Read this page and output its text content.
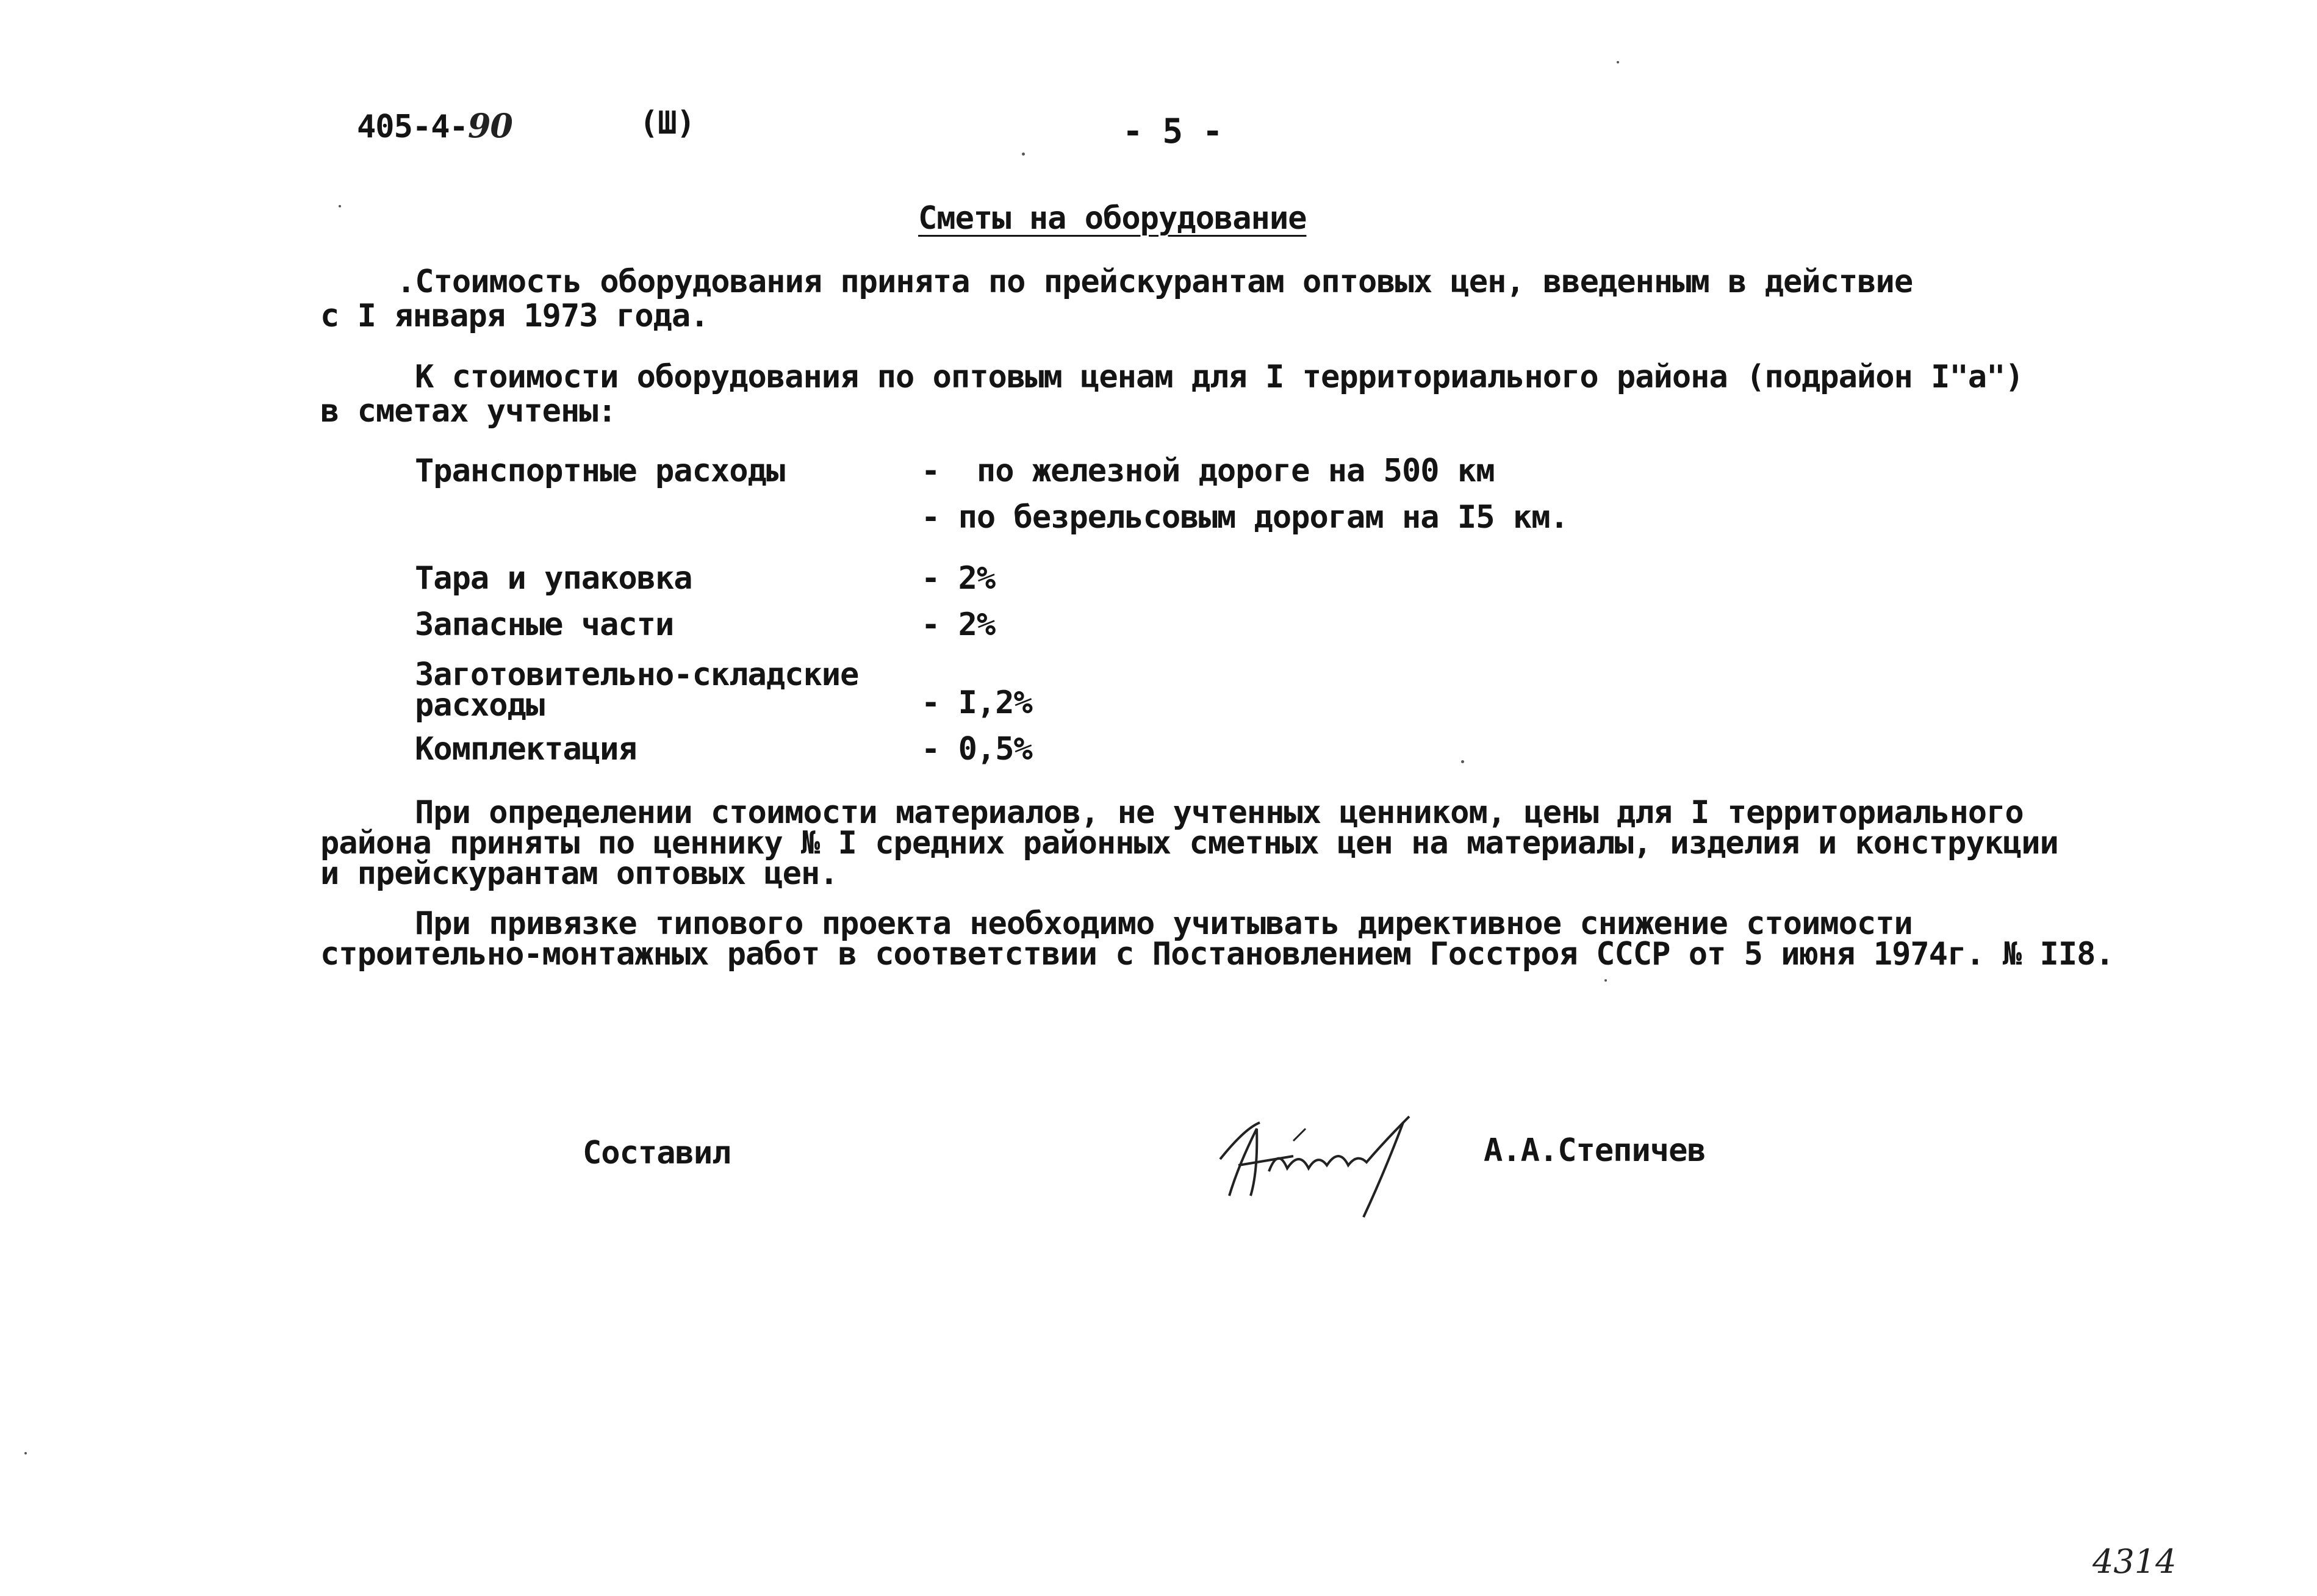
405-4-90	(Ш)	- 5 -
Сметы на оборудование
.Стоимость оборудования принята по прейскурантам оптовых цен, введенным в действие
с I января 1973 года.
К стоимости оборудования по оптовым ценам для I территориального района (подрайон I"a")
в сметах учтены:
Транспортные расходы	-  по железной дороге на 500 км
- по безрельсовым дорогам на I5 км.
Тара и упаковка	- 2%
Запасные части	- 2%
Заготовительно-складские
расходы	- I,2%
Комплектация	- 0,5%
При определении стоимости материалов, не учтенных ценником, цены для I территориального
района приняты по ценнику № I средних районных сметных цен на материалы, изделия и конструкции
и прейскурантам оптовых цен.
При привязке типового проекта необходимо учитывать директивное снижение стоимости
строительно-монтажных работ в соответствии с Постановлением Госстроя СССР от 5 июня 1974г. № II8.
Составил	А.А.Степичев
4314
